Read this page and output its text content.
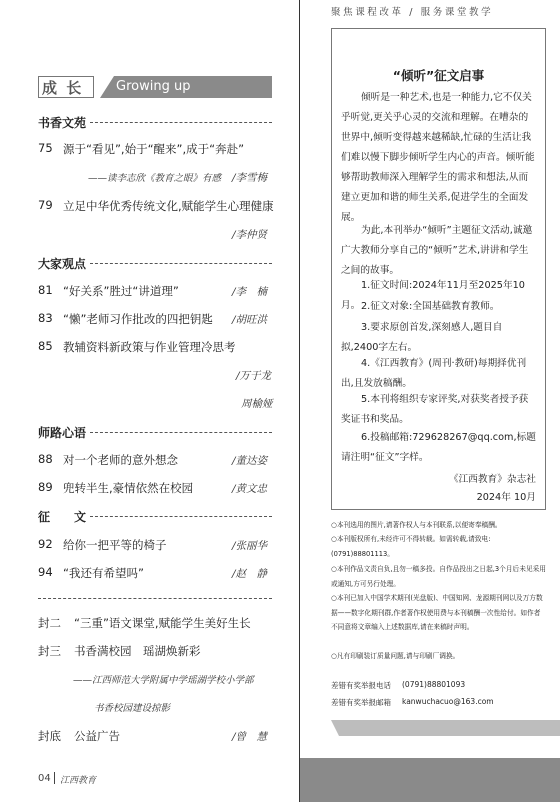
成 长	Growing up
书香文苑
75 源于“看见”,始于“醒来”,成于“奔赴”
——读李志欣《教育之眼》有感 /李雪梅
79 立足中华优秀传统文化,赋能学生心理健康
/李仲贤
大家观点
81 “好关系”胜过“讲道理”	/李　楠
83 “懒”老师习作批改的四把钥匙 /胡旺洪
85 教辅资料新政策与作业管理冷思考
/万于龙
周榆娅
师路心语
88 对一个老师的意外想念	/董达姿
89 兜转半生,豪情依然在校园	/黄文忠
征　　文
92 给你一把平等的椅子	/张丽华
94 “我还有希望吗”	/赵　静
封二 “三重”语文课堂,赋能学生美好生长
封三 书香满校园　瑶湖焕新彩
——江西师范大学附属中学瑶湖学校小学部
书香校园建设掠影
封底 公益广告	/曾　慧
04 江西教育
聚焦课程改革 / 服务课堂教学
“倾听”征文启事
倾听是一种艺术,也是一种能力,它不仅关乎听觉,更关乎心灵的交流和理解。在嘈杂的世界中,倾听变得越来越稀缺,忙碌的生活让我们难以慢下脚步倾听学生内心的声音。倾听能够帮助教师深入理解学生的需求和想法,从而建立更加和谐的师生关系,促进学生的全面发展。
为此,本刊举办“倾听”主题征文活动,诚邀广大教师分享自己的“倾听”艺术,讲讲和学生之间的故事。
1.征文时间:2024年11月至2025年10月。 2.征文对象:全国基础教育教师。
3.要求原创首发,深刻感人,题目自拟,2400字左右。
4.《江西教育》(周刊·教研)每期择优刊出,且发放稿酬。
5.本刊将组织专家评奖,对获奖者授予获奖证书和奖品。
6.投稿邮箱:729628267@qq.com,标题请注明“征文”字样。
《江西教育》杂志社
2024年 10月
○本刊选用的图片,请著作权人与本刊联系,以便寄奉稿酬。
○本刊版权所有,未经许可不得转载。如需转载,请致电:(0791)88801113。
○本刊作品文责自负,且勿一稿多投。自作品投出之日起,3个月后未见采用或通知,方可另行处理。
○本刊已加入中国学术期刊(光盘版)、中国知网、龙源期刊网以及万方数据——数字化期刊群,作者著作权使用费与本刊稿酬一次性给付。如作者不同意将文章编入上述数据库,请在来稿时声明。
○凡有印刷装订质量问题,请与印刷厂调换。
差错有奖举报电话 (0791)88801093
差错有奖举报邮箱 kanwuchacuo@163.com
